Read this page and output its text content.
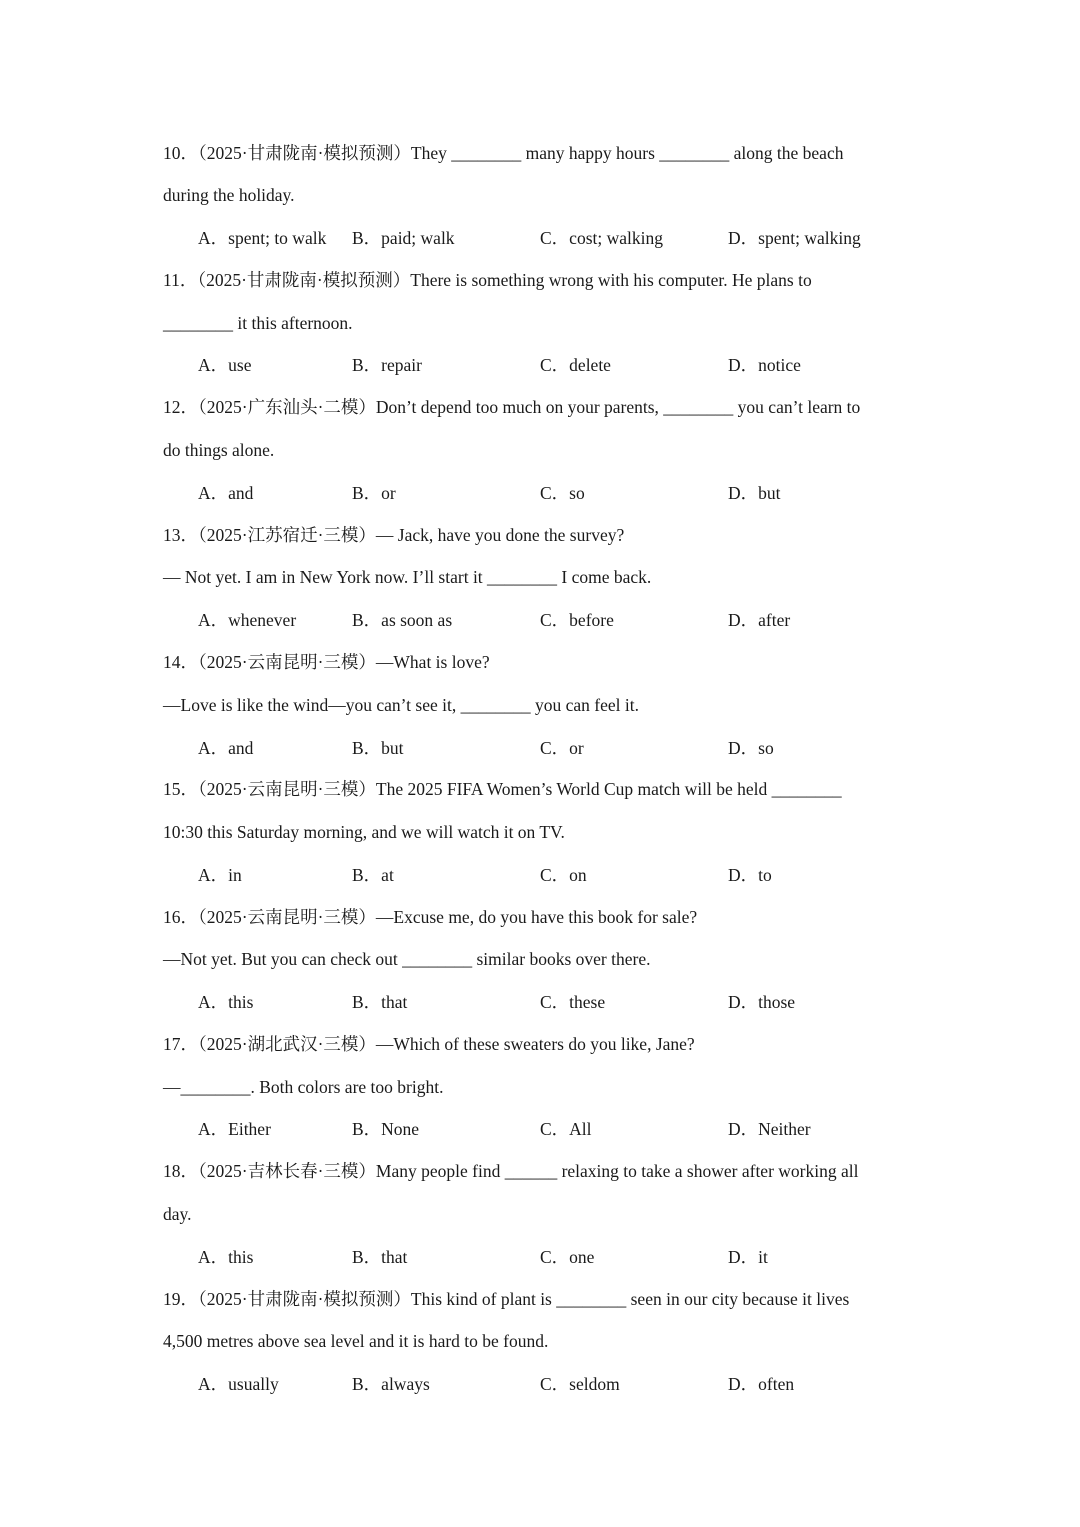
10．（2025·甘肃陇南·模拟预测）They ________ many happy hours ________ along the beach
during the holiday.
A．spent; to walk B．paid; walk	C．cost; walking	D．spent; walking
11．（2025·甘肃陇南·模拟预测）There is something wrong with his computer. He plans to
________ it this afternoon.
A．use	B．repair	C．delete	D．notice
12．（2025·广东汕头·二模）Don’t depend too much on your parents, ________ you can’t learn to
do things alone.
A．and	B．or	C．so	D．but
13．（2025·江苏宿迁·三模）— Jack, have you done the survey?
— Not yet. I am in New York now. I’ll start it ________ I come back.
A．whenever	B．as soon as	C．before	D．after
14．（2025·云南昆明·三模）—What is love?
—Love is like the wind—you can’t see it, ________ you can feel it.
A．and	B．but	C．or	D．so
15．（2025·云南昆明·三模）The 2025 FIFA Women’s World Cup match will be held ________
10:30 this Saturday morning, and we will watch it on TV.
A．in	B．at	C．on	D．to
16．（2025·云南昆明·三模）—Excuse me, do you have this book for sale?
—Not yet. But you can check out ________ similar books over there.
A．this	B．that	C．these	D．those
17．（2025·湖北武汉·三模）—Which of these sweaters do you like, Jane?
—________. Both colors are too bright.
A．Either	B．None	C．All	D．Neither
18．（2025·吉林长春·三模）Many people find ______ relaxing to take a shower after working all
day.
A．this	B．that	C．one	D．it
19．（2025·甘肃陇南·模拟预测）This kind of plant is ________ seen in our city because it lives
4,500 metres above sea level and it is hard to be found.
A．usually	B．always	C．seldom	D．often
